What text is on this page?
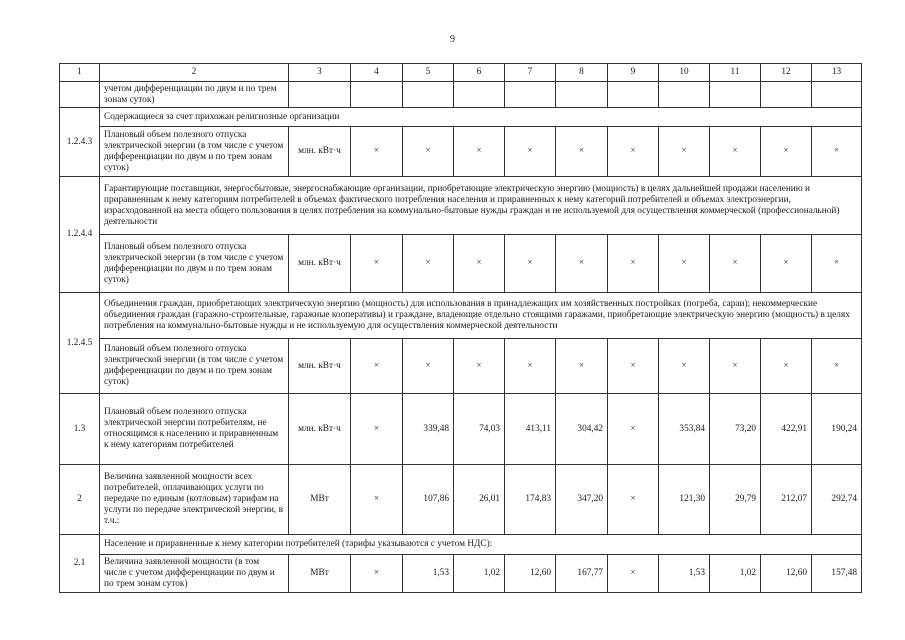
9
1	2	3	4	5	6	7	8	9	10	11	12	13
	учетом дифференциации по двум и по трем зонам суток)											
1.2.4.3	Содержащиеся за счет прихожан религиозные организации											
	Плановый объем полезного отпуска электрической энергии (в том числе с учетом дифференциации по двум и по трем зонам суток)	млн. кВт·ч	×	×	×	×	×	×	×	×	×	×
1.2.4.4	Гарантирующие поставщики, энергосбытовые, энергоснабжающие организации, приобретающие электрическую энергию (мощность) в целях дальнейшей продажи населению и приравненным к нему категориям потребителей в объемах фактического потребления населения и приравненных к нему категорий потребителей и объемах электроэнергии, израсходованной на места общего пользования в целях потребления на коммунально-бытовые нужды граждан и не используемой для осуществления коммерческой (профессиональной) деятельности											
	Плановый объем полезного отпуска электрической энергии (в том числе с учетом дифференциации по двум и по трем зонам суток)	млн. кВт·ч	×	×	×	×	×	×	×	×	×	×
1.2.4.5	Объединения граждан, приобретающих электрическую энергию (мощность) для использования в принадлежащих им хозяйственных постройках (погреба, сараи); некоммерческие объединения граждан (гаражно-строительные, гаражные кооперативы) и граждане, владеющие отдельно стоящими гаражами, приобретающие электрическую энергию (мощность) в целях потребления на коммунально-бытовые нужды и не используемую для осуществления коммерческой деятельности											
	Плановый объем полезного отпуска электрической энергии (в том числе с учетом дифференциации по двум и по трем зонам суток)	млн. кВт·ч	×	×	×	×	×	×	×	×	×	×
1.3	Плановый объем полезного отпуска электрической энергии потребителям, не относящимся к населению и приравненным к нему категориям потребителей	млн. кВт·ч	×	339,48	74,03	413,11	304,42	×	353,84	73,20	422,91	190,24
2	Величина заявленной мощности всех потребителей, оплачивающих услуги по передаче по единым (котловым) тарифам на услуги по передаче электрической энергии, в т.ч.:	МВт	×	107,86	26,01	174,83	347,20	×	121,30	29,79	212,07	292,74
2.1	Население и приравненные к нему категории потребителей (тарифы указываются с учетом НДС):											
	Величина заявленной мощности (в том числе с учетом дифференциации по двум и по трем зонам суток)	МВт	×	1,53	1,02	12,60	167,77	×	1,53	1,02	12,60	157,48
